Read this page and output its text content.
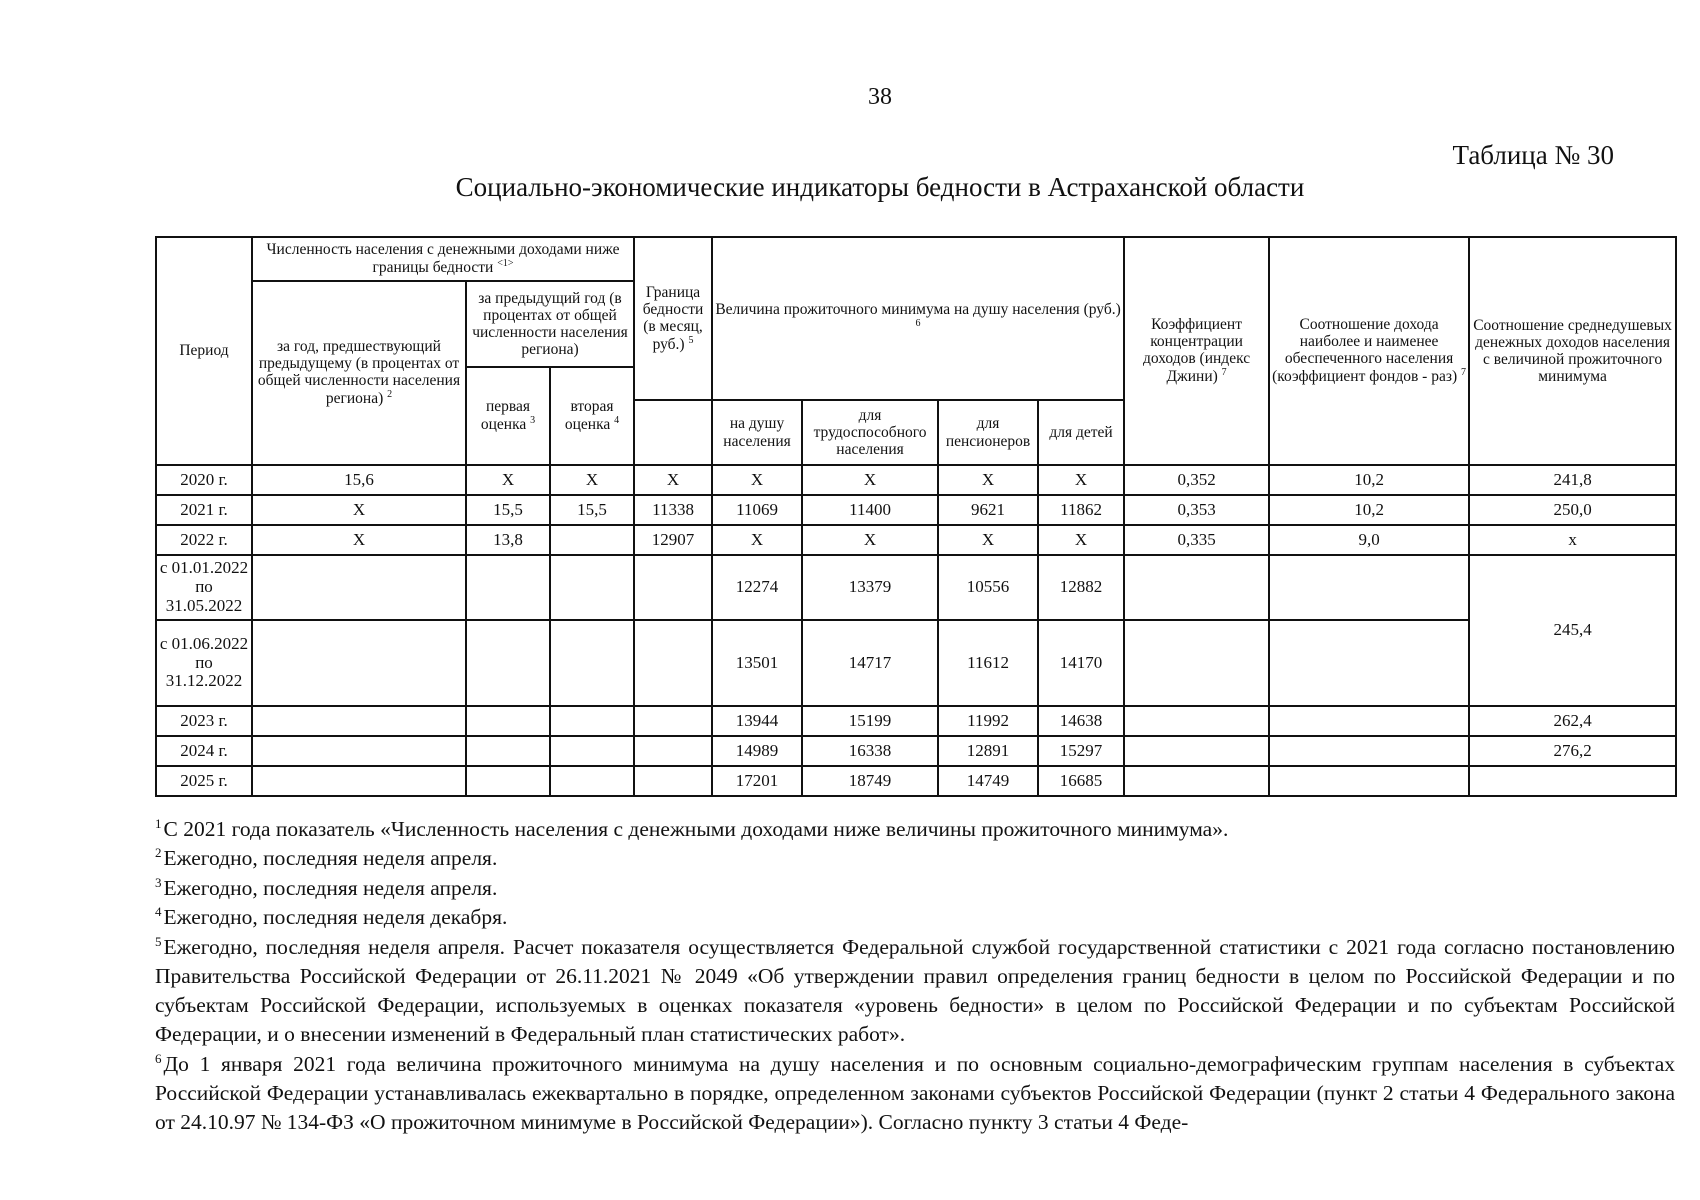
38
Таблица № 30
Социально-экономические индикаторы бедности в Астраханской области
Период	Численность населения с денежными доходами ниже границы бедности $^{<1>}$			Граница бедности (в месяц, руб.) $^5$	Величина прожиточного минимума на душу населения (руб.) $^6$				Коэффициент концентрации доходов (индекс Джини) $^7$	Соотношение дохода наиболее и наименее обеспеченного населения (коэффициент фондов - раз) $^7$	Соотношение среднедушевых денежных доходов населения с величиной прожиточного минимума
	за год, предшествующий предыдущему (в процентах от общей численности населения региона) $^2$	за предыдущий год (в процентах от общей численности населения региона)									
		первая оценка $^3$	вторая оценка $^4$
					на душу населения	для трудоспособного населения	для пенсионеров	для детей			
2020 г.	15,6	X	X	X	X	X	X	X	0,352	10,2	241,8
2021 г.	X	15,5	15,5	11338	11069	11400	9621	11862	0,353	10,2	250,0
2022 г.	X	13,8		12907	X	X	X	X	0,335	9,0	x
с 01.01.2022 по 31.05.2022					12274	13379	10556	12882			245,4
с 01.06.2022 по 31.12.2022					13501	14717	11612	14170			
2023 г.					13944	15199	11992	14638			262,4
2024 г.					14989	16338	12891	15297			276,2
2025 г.					17201	18749	14749	16685			

$^1$С 2021 года показатель «Численность населения с денежными доходами ниже величины прожиточного минимума».

$^2$Ежегодно, последняя неделя апреля.

$^3$Ежегодно, последняя неделя апреля.

$^4$Ежегодно, последняя неделя декабря.

$^5$Ежегодно, последняя неделя апреля. Расчет показателя осуществляется Федеральной службой государственной статистики с 2021 года согласно постановлению Правительства Российской Федерации от 26.11.2021 № 2049 «Об утверждении правил определения границ бедности в целом по Российской Федерации и по субъектам Российской Федерации, используемых в оценках показателя «уровень бедности» в целом по Российской Федерации и по субъектам Российской Федерации, и о внесении изменений в Федеральный план статистических работ».

$^6$До 1 января 2021 года величина прожиточного минимума на душу населения и по основным социально-демографическим группам населения в субъектах Российской Федерации устанавливалась ежеквартально в порядке, определенном законами субъектов Российской Федерации (пункт 2 статьи 4 Федерального закона от 24.10.97 № 134-ФЗ «О прожиточном минимуме в Российской Федерации»). Согласно пункту 3 статьи 4 Феде-
